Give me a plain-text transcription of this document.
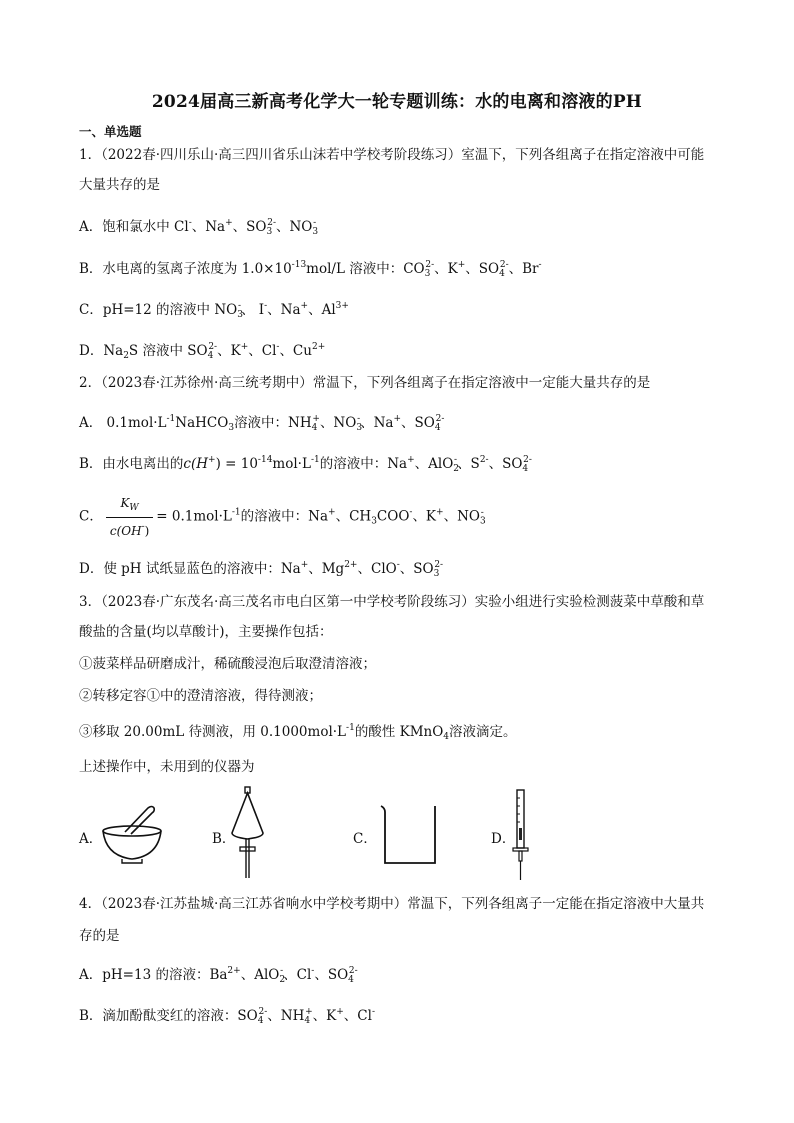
2024届高三新高考化学大一轮专题训练：水的电离和溶液的PH
一、单选题
1．（2022春·四川乐山·高三四川省乐山沫若中学校考阶段练习）室温下，下列各组离子在指定溶液中可能
大量共存的是
A．饱和氯水中 Cl-、Na+、$SO_3^{2-}$、$NO_3^-$
B．水电离的氢离子浓度为 $1.0\times 10^{-13}mol/L$ 溶液中：$CO_3^{2-}$、K+、$SO_4^{2-}$、Br-
C．pH=12 的溶液中 $NO_3^-$、 I-、Na+、$Al^{3+}$
D．$Na_2S$ 溶液中 $SO_4^{2-}$、K+、Cl-、$Cu^{2+}$
2．（2023春·江苏徐州·高三统考期中）常温下，下列各组离子在指定溶液中一定能大量共存的是
A． $0.1mol\cdot L^{-1}NaHCO_3$溶液中：$NH_4^+$、$NO_3^-$、Na+、$SO_4^{2-}$
B．由水电离出的$c(H^+) = 10^{-14}mol\cdot L^{-1}$的溶液中：Na+、AlO$_2$-、$S^{2-}$、$SO_4^{2-}$
C． $\frac{K_W}{c(OH^-)} = 0.1mol\cdot L^{-1}$的溶液中：Na+、$CH_3COO^-$、K+、$NO_3^-$
D．使 pH 试纸显蓝色的溶液中：Na+、$Mg^{2+}$、ClO-、$SO_3^{2-}$
3．（2023春·广东茂名·高三茂名市电白区第一中学校考阶段练习）实验小组进行实验检测菠菜中草酸和草
酸盐的含量(均以草酸计)，主要操作包括：
①菠菜样品研磨成汁，稀硫酸浸泡后取澄清溶液；
②转移定容①中的澄清溶液，得待测液；
③移取 20.00mL 待测液，用 $0.1000mol\cdot L^{-1}$的酸性 KMnO$_4$溶液滴定。
上述操作中，未用到的仪器为
A．	B．	C．	D．
4．（2023春·江苏盐城·高三江苏省响水中学校考期中）常温下，下列各组离子一定能在指定溶液中大量共
存的是
A．pH=13 的溶液：$Ba^{2+}$、AlO$_2$-、Cl-、$SO_4^{2-}$
B．滴加酚酞变红的溶液：$SO_4^{2-}$、$NH_4^+$、K+、Cl-
